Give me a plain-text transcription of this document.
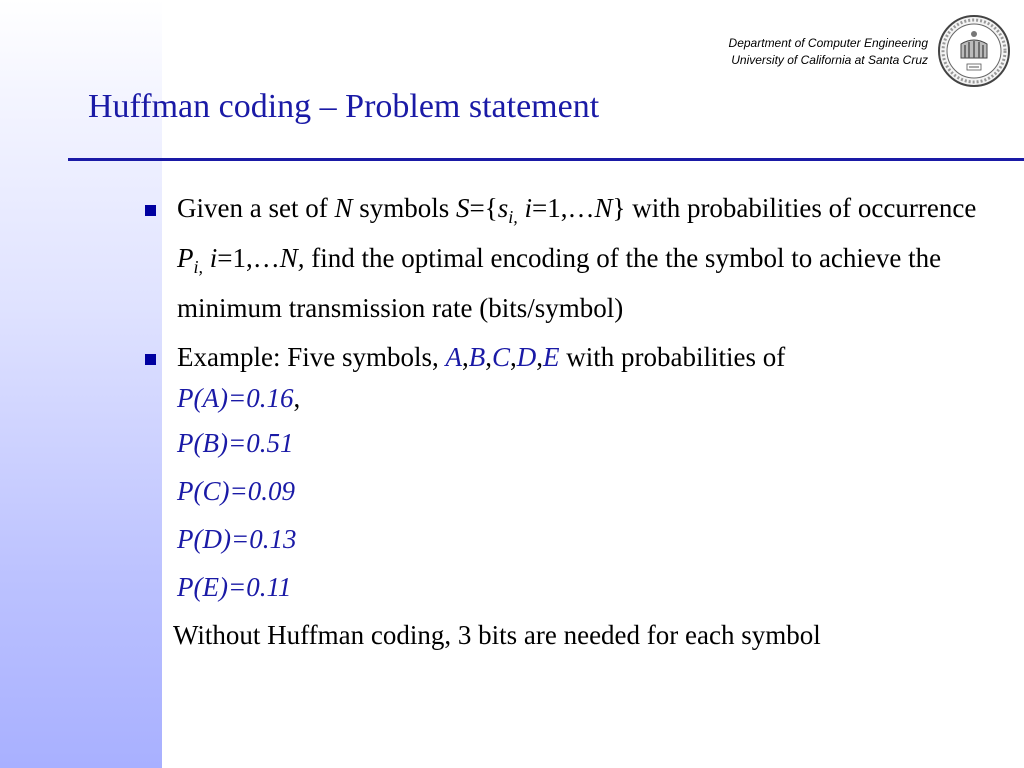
Department of Computer Engineering
University of California at Santa Cruz
Huffman coding – Problem statement
Given a set of N symbols $S=\{s_{i,}$ i=1,…N} with probabilities of occurrence $P_{i,}$ i=1,…N, find the optimal encoding of the the symbol to achieve the minimum transmission rate (bits/symbol)
Example: Five symbols, A,B,C,D,E with probabilities of
P(A)=0.16,
P(B)=0.51
P(C)=0.09
P(D)=0.13
P(E)=0.11
Without Huffman coding, 3 bits are needed for each symbol
